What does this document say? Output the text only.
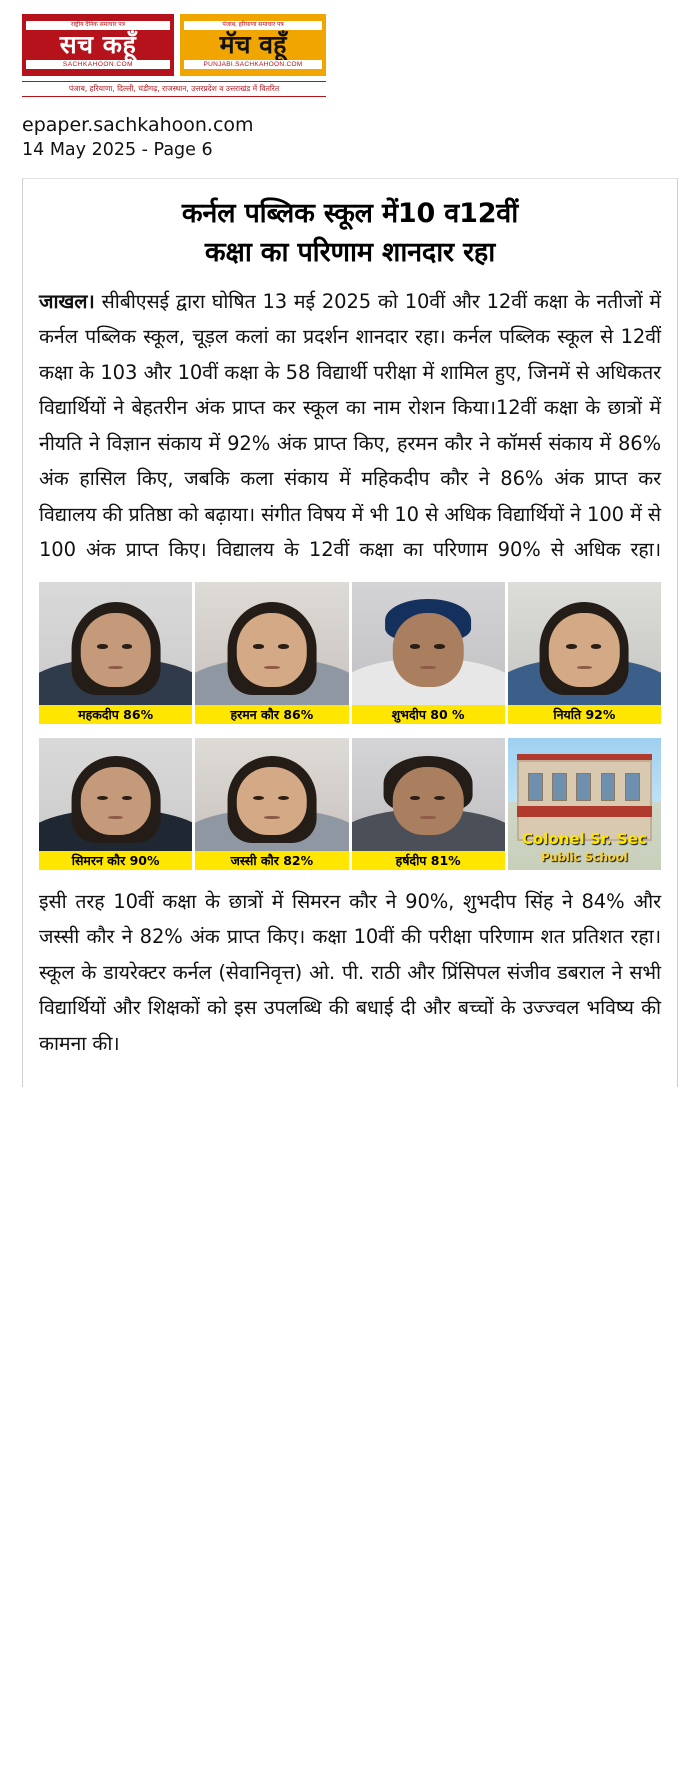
राष्ट्रीय दैनिक समाचार पत्र
सच कहूँ
SACHKAHOON.COM
पंजाब, हरियाणा समाचार पत्र
मॅच वहूँ
PUNJABI.SACHKAHOON.COM
पंजाब, हरियाणा, दिल्ली, चंडीगढ़, राजस्थान, उत्तरप्रदेश व उत्तराखंड में वितरित
epaper.sachkahoon.com
14 May 2025 - Page 6
कर्नल पब्लिक स्कूल में10 व12वीं
कक्षा का परिणाम शानदार रहा
जाखल। सीबीएसई द्वारा घोषित 13 मई 2025 को 10वीं और 12वीं कक्षा के नतीजों में कर्नल पब्लिक स्कूल, चूड़ल कलां का प्रदर्शन शानदार रहा। कर्नल पब्लिक स्कूल से 12वीं कक्षा के 103 और 10वीं कक्षा के 58 विद्यार्थी परीक्षा में शामिल हुए, जिनमें से अधिकतर विद्यार्थियों ने बेहतरीन अंक प्राप्त कर स्कूल का नाम रोशन किया।12वीं कक्षा के छात्रों में नीयति ने विज्ञान संकाय में 92% अंक प्राप्त किए, हरमन कौर ने कॉमर्स संकाय में 86% अंक हासिल किए, जबकि कला संकाय में महिकदीप कौर ने 86% अंक प्राप्त कर विद्यालय की प्रतिष्ठा को बढ़ाया। संगीत विषय में भी 10 से अधिक विद्यार्थियों ने 100 में से 100 अंक प्राप्त किए। विद्यालय के 12वीं कक्षा का परिणाम 90% से अधिक रहा।
महकदीप 86%	हरमन कौर 86%	शुभदीप 80 %	नियति 92%
सिमरन कौर 90%	जस्सी कौर 82%	हर्षदीप 81%
Colonel Sr. Sec
Public School
इसी तरह 10वीं कक्षा के छात्रों में सिमरन कौर ने 90%, शुभदीप सिंह ने 84% और जस्सी कौर ने 82% अंक प्राप्त किए। कक्षा 10वीं की परीक्षा परिणाम शत प्रतिशत रहा। स्कूल के डायरेक्टर कर्नल (सेवानिवृत्त) ओ. पी. राठी और प्रिंसिपल संजीव डबराल ने सभी विद्यार्थियों और शिक्षकों को इस उपलब्धि की बधाई दी और बच्चों के उज्ज्वल भविष्य की कामना की।
